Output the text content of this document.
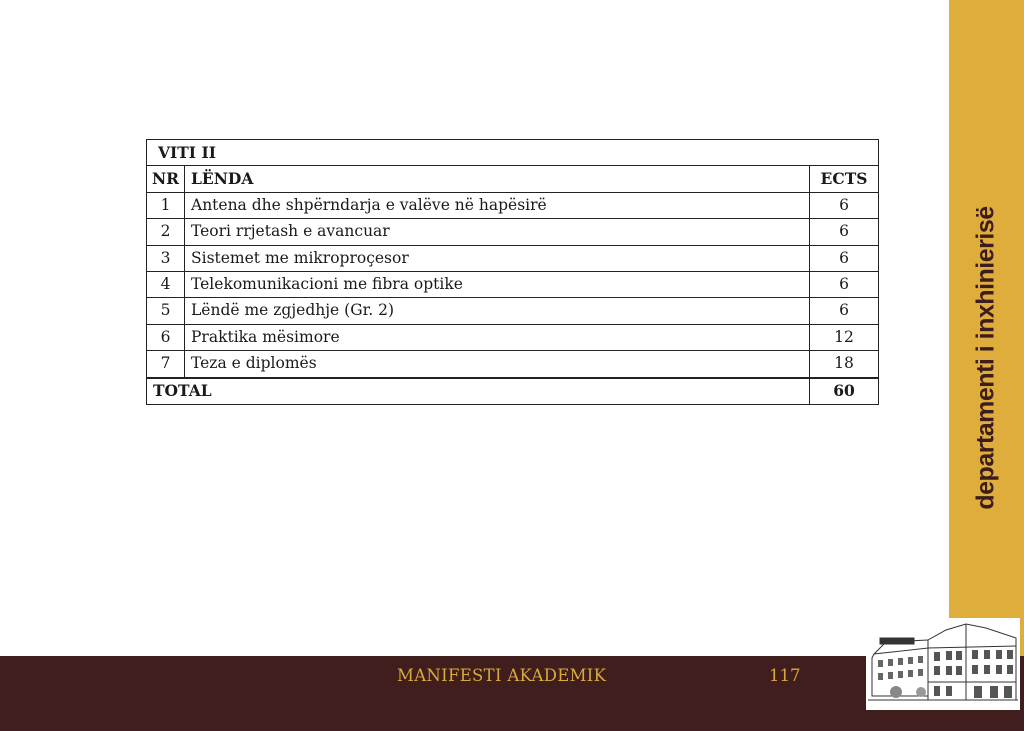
departamenti i inxhinierisë
MANIFESTI AKADEMIK	117
VITI II		
NR	LËNDA	ECTS
1	Antena dhe shpërndarja e valëve në hapësirë	6
2	Teori rrjetash e avancuar	6
3	Sistemet me mikroproçesor	6
4	Telekomunikacioni me fibra optike	6
5	Lëndë me zgjedhje (Gr. 2)	6
6	Praktika mësimore	12
7	Teza e diplomës	18
TOTAL		60
